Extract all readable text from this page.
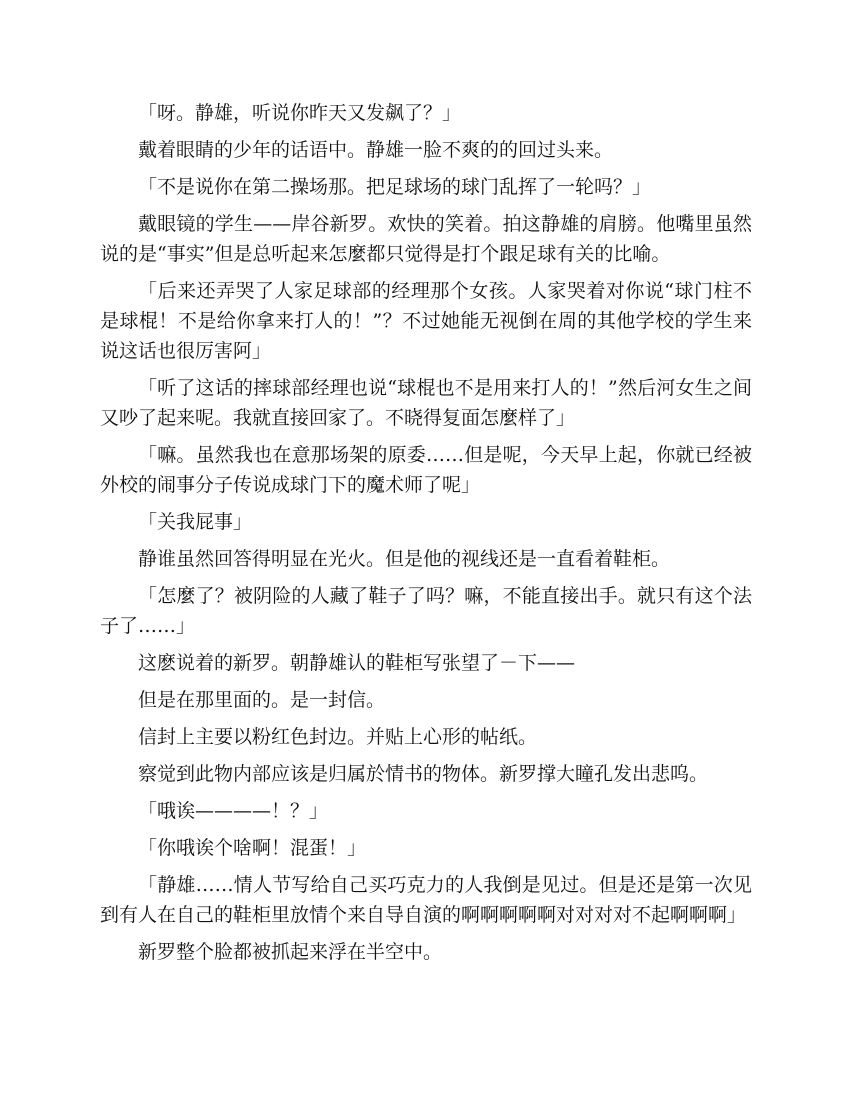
「呀。静雄，听说你昨天又发飙了？」

戴着眼睛的少年的话语中。静雄一脸不爽的的回过头来。

「不是说你在第二操场那。把足球场的球门乱挥了一轮吗？」

戴眼镜的学生——岸谷新罗。欢快的笑着。拍这静雄的肩膀。他嘴里虽然说的是“事实”但是总听起来怎麼都只觉得是打个跟足球有关的比喻。

「后来还弄哭了人家足球部的经理那个女孩。人家哭着对你说“球门柱不是球棍！不是给你拿来打人的！”？不过她能无视倒在周的其他学校的学生来说这话也很厉害阿」

「听了这话的摔球部经理也说“球棍也不是用来打人的！”然后河女生之间又吵了起来呢。我就直接回家了。不晓得复面怎麼样了」

「嘛。虽然我也在意那场架的原委……但是呢，今天早上起，你就已经被外校的闹事分子传说成球门下的魔术师了呢」

「关我屁事」

静谁虽然回答得明显在光火。但是他的视线还是一直看着鞋柜。

「怎麼了？被阴险的人藏了鞋子了吗？嘛，不能直接出手。就只有这个法子了……」

这麽说着的新罗。朝静雄认的鞋柜写张望了－下——

但是在那里面的。是一封信。

信封上主要以粉红色封边。并贴上心形的帖纸。

察觉到此物内部应该是归属於情书的物体。新罗撑大瞳孔发出悲呜。

「哦诶————！？」

「你哦诶个啥啊！混蛋！」

「静雄……情人节写给自己买巧克力的人我倒是见过。但是还是第一次见到有人在自己的鞋柜里放情个来自导自演的啊啊啊啊啊对对对对不起啊啊啊」

新罗整个脸都被抓起来浮在半空中。
